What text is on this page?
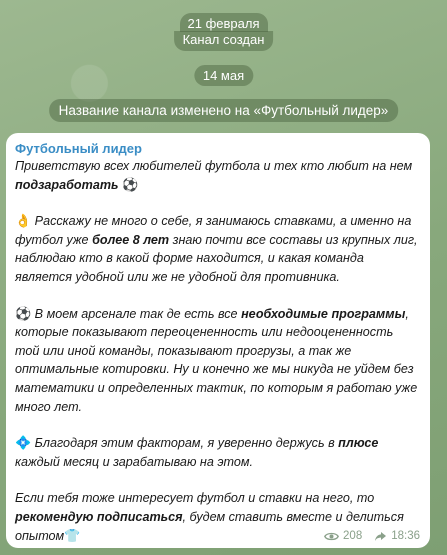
21 февраля
Канал создан
14 мая
Название канала изменено на «Футбольный лидер»
Футбольный лидер

Приветствую всех любителей футбола и тех кто любит на нем подзаработать ⚽

👌 Расскажу не много о себе, я занимаюсь ставками, а именно на футбол уже более 8 лет знаю почти все составы из крупных лиг, наблюдаю кто в какой форме находится, и какая команда является удобной или же не удобной для противника.

⚽ В моем арсенале так де есть все необходимые программы, которые показывают переоцененность или недооцененность той или иной команды, показывают прогрузы, а так же оптимальные котировки. Ну и конечно же мы никуда не уйдем без математики и определенных тактик, по которым я работаю уже много лет.

💠 Благодаря этим факторам, я уверенно держусь в плюсе каждый месяц и зарабатываю на этом.

Если тебя тоже интересует футбол и ставки на него, то рекомендую подписаться, будем ставить вместе и делиться опытом👕	208	18:36
